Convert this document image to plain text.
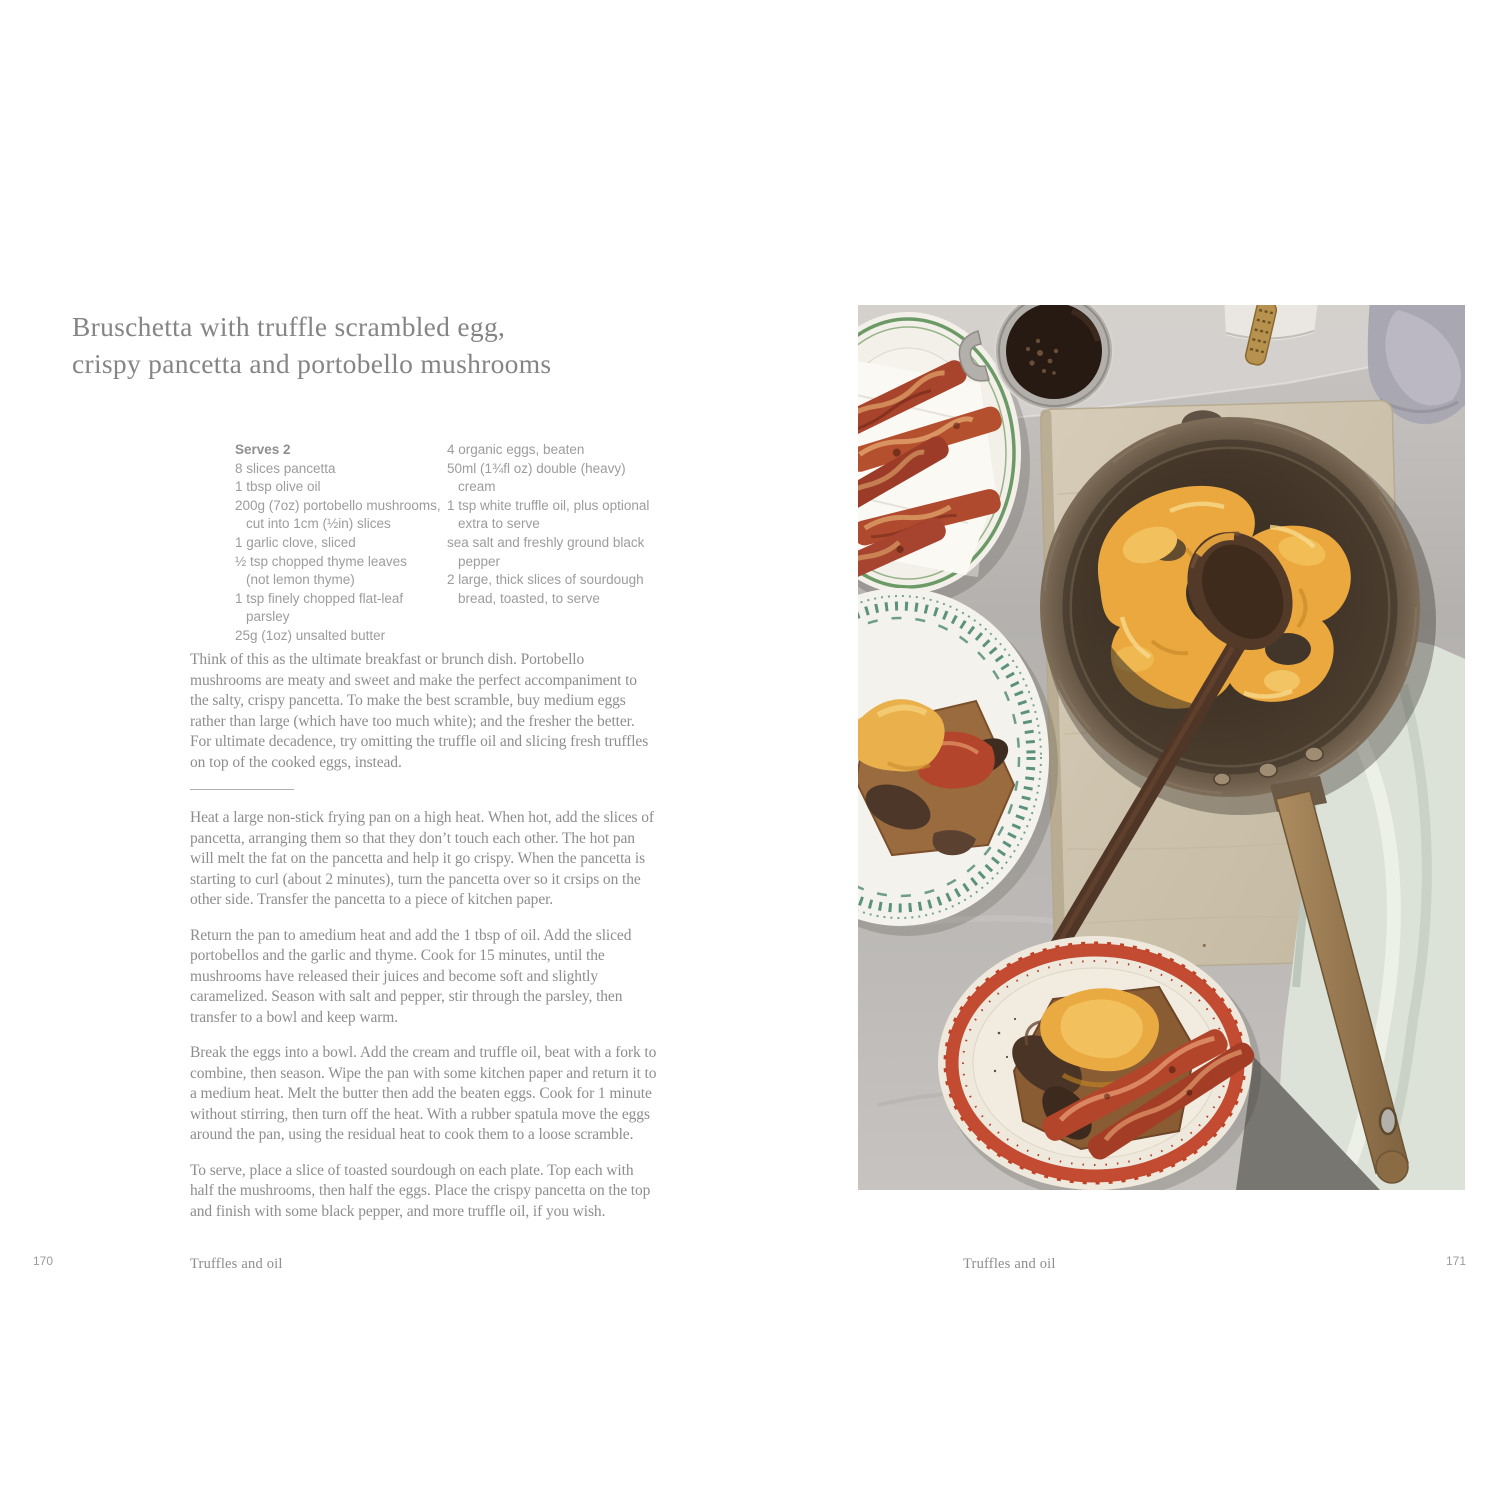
Bruschetta with truffle scrambled egg,
crispy pancetta and portobello mushrooms
Serves 2
8 slices pancetta
1 tbsp olive oil
200g (7oz) portobello mushrooms,
cut into 1cm (½in) slices
1 garlic clove, sliced
½ tsp chopped thyme leaves
(not lemon thyme)
1 tsp finely chopped flat-leaf
parsley
25g (1oz) unsalted butter
4 organic eggs, beaten
50ml (1¾fl oz) double (heavy)
cream
1 tsp white truffle oil, plus optional
extra to serve
sea salt and freshly ground black
pepper
2 large, thick slices of sourdough
bread, toasted, to serve

Think of this as the ultimate breakfast or brunch dish. Portobello mushrooms are meaty and sweet and make the perfect accompaniment to the salty, crispy pancetta. To make the best scramble, buy medium eggs rather than large (which have too much white); and the fresher the better. For ultimate decadence, try omitting the truffle oil and slicing fresh truffles on top of the cooked eggs, instead.

Heat a large non-stick frying pan on a high heat. When hot, add the slices of pancetta, arranging them so that they don’t touch each other. The hot pan will melt the fat on the pancetta and help it go crispy. When the pancetta is starting to curl (about 2 minutes), turn the pancetta over so it crsips on the other side. Transfer the pancetta to a piece of kitchen paper.

Return the pan to amedium heat and add the 1 tbsp of oil. Add the sliced portobellos and the garlic and thyme. Cook for 15 minutes, until the mushrooms have released their juices and become soft and slightly caramelized. Season with salt and pepper, stir through the parsley, then transfer to a bowl and keep warm.

Break the eggs into a bowl. Add the cream and truffle oil, beat with a fork to combine, then season. Wipe the pan with some kitchen paper and return it to a medium heat. Melt the butter then add the beaten eggs. Cook for 1 minute without stirring, then turn off the heat. With a rubber spatula move the eggs around the pan, using the residual heat to cook them to a loose scramble.

To serve, place a slice of toasted sourdough on each plate. Top each with half the mushrooms, then half the eggs. Place the crispy pancetta on the top and finish with some black pepper, and more truffle oil, if you wish.

170	Truffles and oil	Truffles and oil	171
